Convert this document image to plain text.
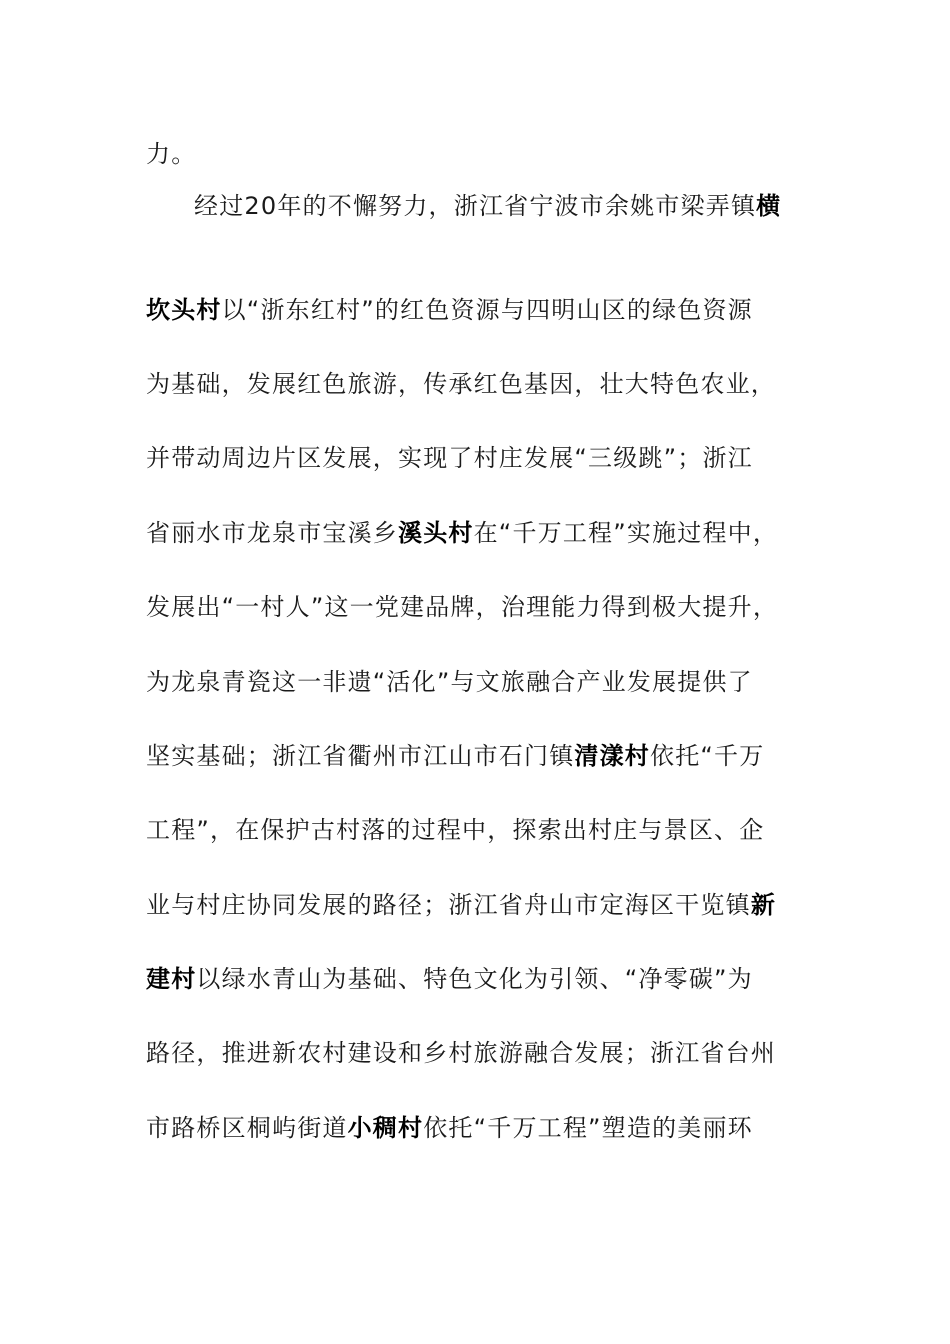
力。
经过20年的不懈努力，浙江省宁波市余姚市梁弄镇横
坎头村以“浙东红村”的红色资源与四明山区的绿色资源
为基础，发展红色旅游，传承红色基因，壮大特色农业，
并带动周边片区发展，实现了村庄发展“三级跳”；浙江
省丽水市龙泉市宝溪乡溪头村在“千万工程”实施过程中，
发展出“一村人”这一党建品牌，治理能力得到极大提升，
为龙泉青瓷这一非遗“活化”与文旅融合产业发展提供了
坚实基础；浙江省衢州市江山市石门镇清漾村依托“千万
工程”，在保护古村落的过程中，探索出村庄与景区、企
业与村庄协同发展的路径；浙江省舟山市定海区干览镇新
建村以绿水青山为基础、特色文化为引领、“净零碳”为
路径，推进新农村建设和乡村旅游融合发展；浙江省台州
市路桥区桐屿街道小稠村依托“千万工程”塑造的美丽环
